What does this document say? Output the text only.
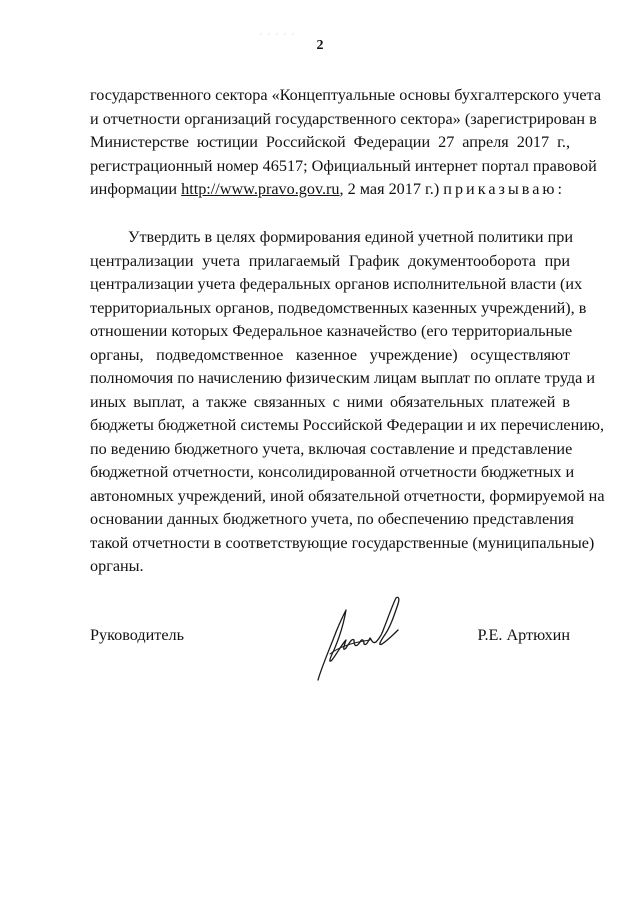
2
государственного сектора «Концептуальные основы бухгалтерского учета
и отчетности организаций государственного сектора» (зарегистрирован в
Министерстве юстиции Российской Федерации 27 апреля 2017 г.,
регистрационный номер 46517; Официальный интернет портал правовой
информации http://www.pravo.gov.ru, 2 мая 2017 г.) приказываю:
Утвердить в целях формирования единой учетной политики при
централизации учета прилагаемый График документооборота при
централизации учета федеральных органов исполнительной власти (их
территориальных органов, подведомственных казенных учреждений), в
отношении которых Федеральное казначейство (его территориальные
органы, подведомственное казенное учреждение) осуществляют
полномочия по начислению физическим лицам выплат по оплате труда и
иных выплат, а также связанных с ними обязательных платежей в
бюджеты бюджетной системы Российской Федерации и их перечислению,
по ведению бюджетного учета, включая составление и представление
бюджетной отчетности, консолидированной отчетности бюджетных и
автономных учреждений, иной обязательной отчетности, формируемой на
основании данных бюджетного учета, по обеспечению представления
такой отчетности в соответствующие государственные (муниципальные)
органы.
Руководитель	Р.Е. Артюхин
